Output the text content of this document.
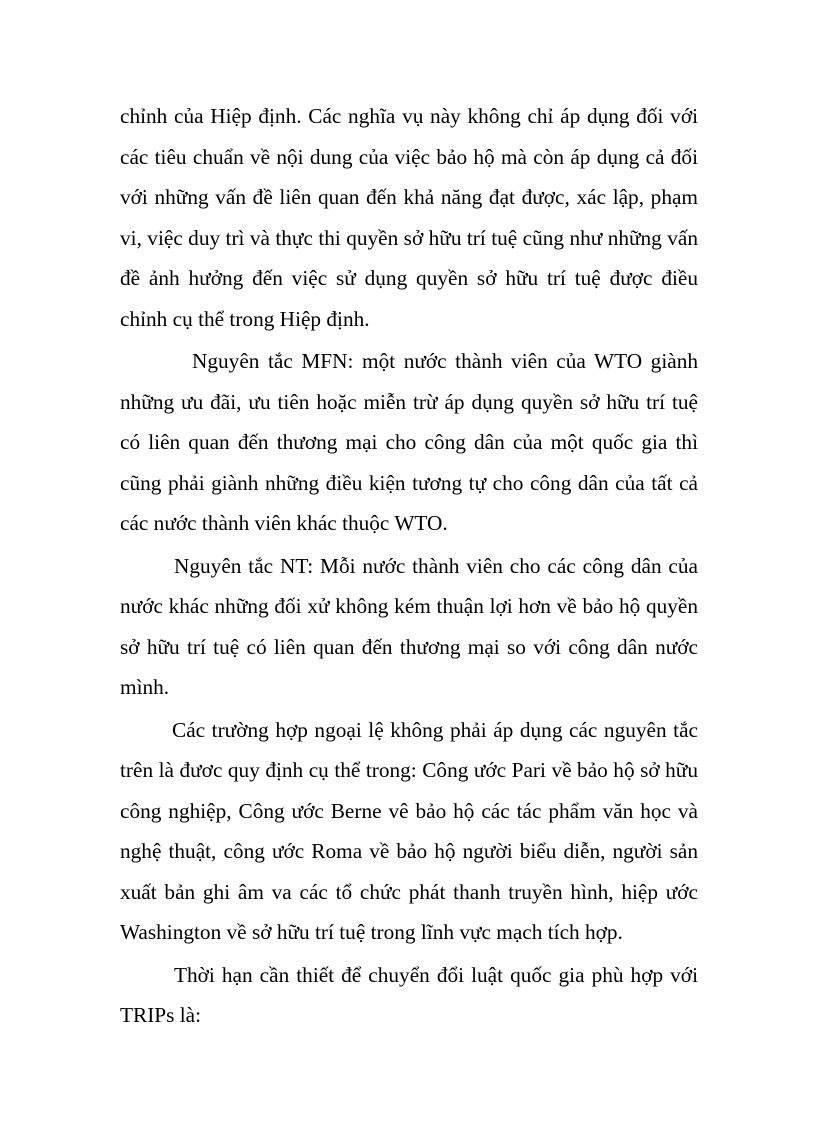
chỉnh của Hiệp định. Các nghĩa vụ này không chỉ áp dụng đối với các tiêu chuẩn về nội dung của việc bảo hộ mà còn áp dụng cả đối với những vấn đề liên quan đến khả năng đạt được, xác lập, phạm vi, việc duy trì và thực thi quyền sở hữu trí tuệ cũng như những vấn đề ảnh hưởng đến việc sử dụng quyền sở hữu trí tuệ được điều chỉnh cụ thể trong Hiệp định.

Nguyên tắc MFN: một nước thành viên của WTO giành những ưu đãi, ưu tiên hoặc miễn trừ áp dụng quyền sở hữu trí tuệ có liên quan đến thương mại cho công dân của một quốc gia thì cũng phải giành những điều kiện tương tự cho công dân của tất cả các nước thành viên khác thuộc WTO.

Nguyên tắc NT: Mỗi nước thành viên cho các công dân của nước khác những đối xử không kém thuận lợi hơn về bảo hộ quyền sở hữu trí tuệ có liên quan đến thương mại so với công dân nước mình.

Các trường hợp ngoại lệ không phải áp dụng các nguyên tắc trên là đươc quy định cụ thể trong: Công ước Pari về bảo hộ sở hữu công nghiệp, Công ước Berne vê bảo hộ các tác phẩm văn học và nghệ thuật, công ước Roma về bảo hộ người biểu diễn, người sản xuất bản ghi âm va các tổ chức phát thanh truyền hình, hiệp ước Washington về sở hữu trí tuệ trong lĩnh vực mạch tích hợp.

Thời hạn cần thiết để chuyển đổi luật quốc gia phù hợp với TRIPs là:
